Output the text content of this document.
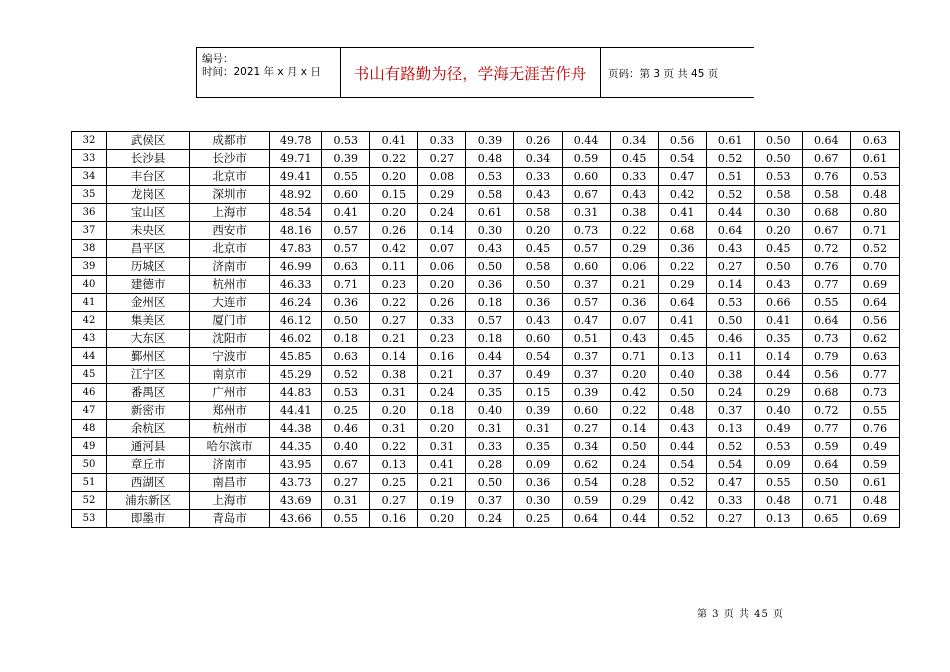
编号：
时间：2021 年 x 月 x 日	书山有路勤为径，学海无涯苦作舟	页码：第 3 页 共 45 页
32	武侯区	成都市	49.78	0.53	0.41	0.33	0.39	0.26	0.44	0.34	0.56	0.61	0.50	0.64	0.63
33	长沙县	长沙市	49.71	0.39	0.22	0.27	0.48	0.34	0.59	0.45	0.54	0.52	0.50	0.67	0.61
34	丰台区	北京市	49.41	0.55	0.20	0.08	0.53	0.33	0.60	0.33	0.47	0.51	0.53	0.76	0.53
35	龙岗区	深圳市	48.92	0.60	0.15	0.29	0.58	0.43	0.67	0.43	0.42	0.52	0.58	0.58	0.48
36	宝山区	上海市	48.54	0.41	0.20	0.24	0.61	0.58	0.31	0.38	0.41	0.44	0.30	0.68	0.80
37	未央区	西安市	48.16	0.57	0.26	0.14	0.30	0.20	0.73	0.22	0.68	0.64	0.20	0.67	0.71
38	昌平区	北京市	47.83	0.57	0.42	0.07	0.43	0.45	0.57	0.29	0.36	0.43	0.45	0.72	0.52
39	历城区	济南市	46.99	0.63	0.11	0.06	0.50	0.58	0.60	0.06	0.22	0.27	0.50	0.76	0.70
40	建德市	杭州市	46.33	0.71	0.23	0.20	0.36	0.50	0.37	0.21	0.29	0.14	0.43	0.77	0.69
41	金州区	大连市	46.24	0.36	0.22	0.26	0.18	0.36	0.57	0.36	0.64	0.53	0.66	0.55	0.64
42	集美区	厦门市	46.12	0.50	0.27	0.33	0.57	0.43	0.47	0.07	0.41	0.50	0.41	0.64	0.56
43	大东区	沈阳市	46.02	0.18	0.21	0.23	0.18	0.60	0.51	0.43	0.45	0.46	0.35	0.73	0.62
44	鄞州区	宁波市	45.85	0.63	0.14	0.16	0.44	0.54	0.37	0.71	0.13	0.11	0.14	0.79	0.63
45	江宁区	南京市	45.29	0.52	0.38	0.21	0.37	0.49	0.37	0.20	0.40	0.38	0.44	0.56	0.77
46	番禺区	广州市	44.83	0.53	0.31	0.24	0.35	0.15	0.39	0.42	0.50	0.24	0.29	0.68	0.73
47	新密市	郑州市	44.41	0.25	0.20	0.18	0.40	0.39	0.60	0.22	0.48	0.37	0.40	0.72	0.55
48	余杭区	杭州市	44.38	0.46	0.31	0.20	0.31	0.31	0.27	0.14	0.43	0.13	0.49	0.77	0.76
49	通河县	哈尔滨市	44.35	0.40	0.22	0.31	0.33	0.35	0.34	0.50	0.44	0.52	0.53	0.59	0.49
50	章丘市	济南市	43.95	0.67	0.13	0.41	0.28	0.09	0.62	0.24	0.54	0.54	0.09	0.64	0.59
51	西湖区	南昌市	43.73	0.27	0.25	0.21	0.50	0.36	0.54	0.28	0.52	0.47	0.55	0.50	0.61
52	浦东新区	上海市	43.69	0.31	0.27	0.19	0.37	0.30	0.59	0.29	0.42	0.33	0.48	0.71	0.48
53	即墨市	青岛市	43.66	0.55	0.16	0.20	0.24	0.25	0.64	0.44	0.52	0.27	0.13	0.65	0.69
第 3 页 共 45 页
